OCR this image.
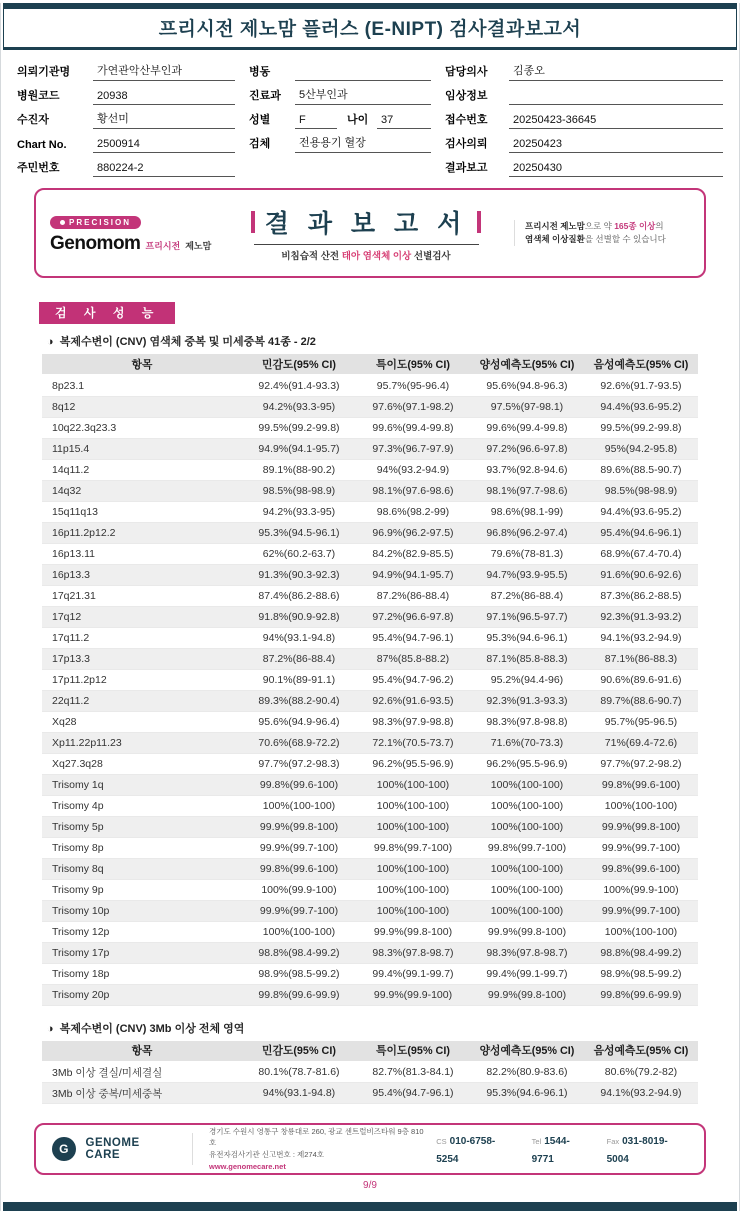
프리시전 제노맘 플러스 (E-NIPT) 검사결과보고서
의뢰기관명	가연관악산부인과
병원코드	20938
수진자	황선미
Chart No.	2500914
주민번호	880224-2
병동
진료과	5산부인과
성별	F	나이	37
검체	전용용기 혈장
담당의사	김종오
임상정보
접수번호	20250423-36645
검사의뢰	20250423
결과보고	20250430
PRECISION
Genomom 프리시전 제노맘
결 과 보 고 서
비침습적 산전 태아 염색체 이상 선별검사
프리시전 제노맘으로 약 165종 이상의
염색체 이상질환을 선별할 수 있습니다
검 사 성 능
◑ 복제수변이 (CNV) 염색체 중복 및 미세중복 41종 - 2/2
항목	민감도(95% CI)	특이도(95% CI)	양성예측도(95% CI)	음성예측도(95% CI)
8p23.1	92.4%(91.4-93.3)	95.7%(95-96.4)	95.6%(94.8-96.3)	92.6%(91.7-93.5)
8q12	94.2%(93.3-95)	97.6%(97.1-98.2)	97.5%(97-98.1)	94.4%(93.6-95.2)
10q22.3q23.3	99.5%(99.2-99.8)	99.6%(99.4-99.8)	99.6%(99.4-99.8)	99.5%(99.2-99.8)
11p15.4	94.9%(94.1-95.7)	97.3%(96.7-97.9)	97.2%(96.6-97.8)	95%(94.2-95.8)
14q11.2	89.1%(88-90.2)	94%(93.2-94.9)	93.7%(92.8-94.6)	89.6%(88.5-90.7)
14q32	98.5%(98-98.9)	98.1%(97.6-98.6)	98.1%(97.7-98.6)	98.5%(98-98.9)
15q11q13	94.2%(93.3-95)	98.6%(98.2-99)	98.6%(98.1-99)	94.4%(93.6-95.2)
16p11.2p12.2	95.3%(94.5-96.1)	96.9%(96.2-97.5)	96.8%(96.2-97.4)	95.4%(94.6-96.1)
16p13.11	62%(60.2-63.7)	84.2%(82.9-85.5)	79.6%(78-81.3)	68.9%(67.4-70.4)
16p13.3	91.3%(90.3-92.3)	94.9%(94.1-95.7)	94.7%(93.9-95.5)	91.6%(90.6-92.6)
17q21.31	87.4%(86.2-88.6)	87.2%(86-88.4)	87.2%(86-88.4)	87.3%(86.2-88.5)
17q12	91.8%(90.9-92.8)	97.2%(96.6-97.8)	97.1%(96.5-97.7)	92.3%(91.3-93.2)
17q11.2	94%(93.1-94.8)	95.4%(94.7-96.1)	95.3%(94.6-96.1)	94.1%(93.2-94.9)
17p13.3	87.2%(86-88.4)	87%(85.8-88.2)	87.1%(85.8-88.3)	87.1%(86-88.3)
17p11.2p12	90.1%(89-91.1)	95.4%(94.7-96.2)	95.2%(94.4-96)	90.6%(89.6-91.6)
22q11.2	89.3%(88.2-90.4)	92.6%(91.6-93.5)	92.3%(91.3-93.3)	89.7%(88.6-90.7)
Xq28	95.6%(94.9-96.4)	98.3%(97.9-98.8)	98.3%(97.8-98.8)	95.7%(95-96.5)
Xp11.22p11.23	70.6%(68.9-72.2)	72.1%(70.5-73.7)	71.6%(70-73.3)	71%(69.4-72.6)
Xq27.3q28	97.7%(97.2-98.3)	96.2%(95.5-96.9)	96.2%(95.5-96.9)	97.7%(97.2-98.2)
Trisomy 1q	99.8%(99.6-100)	100%(100-100)	100%(100-100)	99.8%(99.6-100)
Trisomy 4p	100%(100-100)	100%(100-100)	100%(100-100)	100%(100-100)
Trisomy 5p	99.9%(99.8-100)	100%(100-100)	100%(100-100)	99.9%(99.8-100)
Trisomy 8p	99.9%(99.7-100)	99.8%(99.7-100)	99.8%(99.7-100)	99.9%(99.7-100)
Trisomy 8q	99.8%(99.6-100)	100%(100-100)	100%(100-100)	99.8%(99.6-100)
Trisomy 9p	100%(99.9-100)	100%(100-100)	100%(100-100)	100%(99.9-100)
Trisomy 10p	99.9%(99.7-100)	100%(100-100)	100%(100-100)	99.9%(99.7-100)
Trisomy 12p	100%(100-100)	99.9%(99.8-100)	99.9%(99.8-100)	100%(100-100)
Trisomy 17p	98.8%(98.4-99.2)	98.3%(97.8-98.7)	98.3%(97.8-98.7)	98.8%(98.4-99.2)
Trisomy 18p	98.9%(98.5-99.2)	99.4%(99.1-99.7)	99.4%(99.1-99.7)	98.9%(98.5-99.2)
Trisomy 20p	99.8%(99.6-99.9)	99.9%(99.9-100)	99.9%(99.8-100)	99.8%(99.6-99.9)
◑ 복제수변이 (CNV) 3Mb 이상 전체 영역
항목	민감도(95% CI)	특이도(95% CI)	양성예측도(95% CI)	음성예측도(95% CI)
3Mb 이상 결실/미세결실	80.1%(78.7-81.6)	82.7%(81.3-84.1)	82.2%(80.9-83.6)	80.6%(79.2-82)
3Mb 이상 중복/미세중복	94%(93.1-94.8)	95.4%(94.7-96.1)	95.3%(94.6-96.1)	94.1%(93.2-94.9)
G	GENOME CARE
경기도 수원시 영통구 창룡대로 260, 광교 센트럴비즈타워 9층 810호
유전자검사기관 신고번호 : 제274호
www.genomecare.net
CS 010-6758-5254
Tel 1544-9771
Fax 031-8019-5004
9/9
